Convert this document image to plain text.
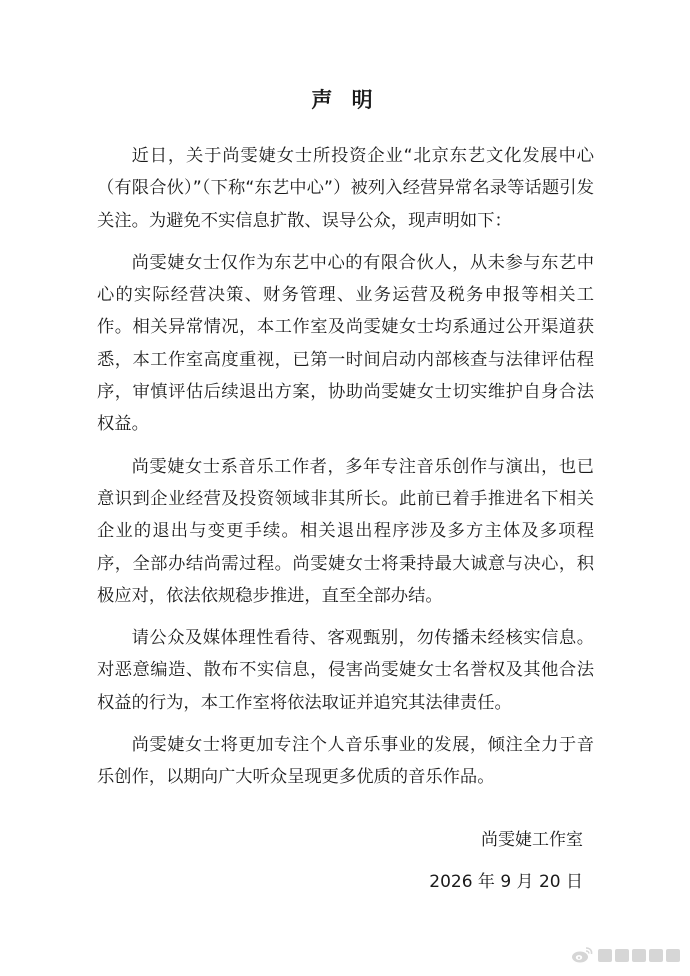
声 明

近日，关于尚雯婕女士所投资企业“北京东艺文化发展中心（有限合伙）”（下称“东艺中心”）被列入经营异常名录等话题引发关注。为避免不实信息扩散、误导公众，现声明如下：

尚雯婕女士仅作为东艺中心的有限合伙人，从未参与东艺中心的实际经营决策、财务管理、业务运营及税务申报等相关工作。相关异常情况，本工作室及尚雯婕女士均系通过公开渠道获悉，本工作室高度重视，已第一时间启动内部核查与法律评估程序，审慎评估后续退出方案，协助尚雯婕女士切实维护自身合法权益。

尚雯婕女士系音乐工作者，多年专注音乐创作与演出，也已意识到企业经营及投资领域非其所长。此前已着手推进名下相关企业的退出与变更手续。相关退出程序涉及多方主体及多项程序，全部办结尚需过程。尚雯婕女士将秉持最大诚意与决心，积极应对，依法依规稳步推进，直至全部办结。

请公众及媒体理性看待、客观甄别，勿传播未经核实信息。对恶意编造、散布不实信息，侵害尚雯婕女士名誉权及其他合法权益的行为，本工作室将依法取证并追究其法律责任。

尚雯婕女士将更加专注个人音乐事业的发展，倾注全力于音乐创作，以期向广大听众呈现更多优质的音乐作品。

尚雯婕工作室
2026 年 9 月 20 日
